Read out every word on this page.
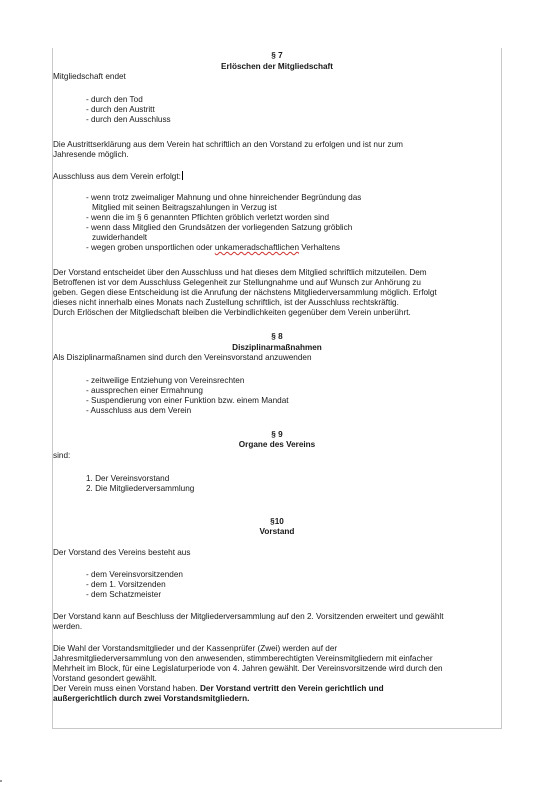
§ 7
Erlöschen der Mitgliedschaft
Mitgliedschaft endet
- durch den Tod
- durch den Austritt
- durch den Ausschluss
Die Austrittserklärung aus dem Verein hat schriftlich an den Vorstand zu erfolgen und ist nur zum
Jahresende möglich.
Ausschluss aus dem Verein erfolgt:
- wenn trotz zweimaliger Mahnung und ohne hinreichender Begründung das
Mitglied mit seinen Beitragszahlungen in Verzug ist
- wenn die im § 6 genannten Pflichten gröblich verletzt worden sind
- wenn dass Mitglied den Grundsätzen der vorliegenden Satzung gröblich
zuwiderhandelt
- wegen groben unsportlichen oder unkameradschaftlichen Verhaltens
Der Vorstand entscheidet über den Ausschluss und hat dieses dem Mitglied schriftlich mitzuteilen. Dem
Betroffenen ist vor dem Ausschluss Gelegenheit zur Stellungnahme und auf Wunsch zur Anhörung zu
geben. Gegen diese Entscheidung ist die Anrufung der nächstens Mitgliederversammlung möglich. Erfolgt
dieses nicht innerhalb eines Monats nach Zustellung schriftlich, ist der Ausschluss rechtskräftig.
Durch Erlöschen der Mitgliedschaft bleiben die Verbindlichkeiten gegenüber dem Verein unberührt.
§ 8
Disziplinarmaßnahmen
Als Disziplinarmaßnamen sind durch den Vereinsvorstand anzuwenden
- zeitweilige Entziehung von Vereinsrechten
- aussprechen einer Ermahnung
- Suspendierung von einer Funktion bzw. einem Mandat
- Ausschluss aus dem Verein
§ 9
Organe des Vereins
sind:
1. Der Vereinsvorstand
2. Die Mitgliederversammlung
§10
Vorstand
Der Vorstand des Vereins besteht aus
- dem Vereinsvorsitzenden
- dem 1. Vorsitzenden
- dem Schatzmeister
Der Vorstand kann auf Beschluss der Mitgliederversammlung auf den 2. Vorsitzenden erweitert und gewählt
werden.
Die Wahl der Vorstandsmitglieder und der Kassenprüfer (Zwei) werden auf der
Jahresmitgliederversammlung von den anwesenden, stimmberechtigten Vereinsmitgliedern mit einfacher
Mehrheit im Block, für eine Legislaturperiode von 4. Jahren gewählt. Der Vereinsvorsitzende wird durch den
Vorstand gesondert gewählt.
Der Verein muss einen Vorstand haben. Der Vorstand vertritt den Verein gerichtlich und
außergerichtlich durch zwei Vorstandsmitgliedern.
